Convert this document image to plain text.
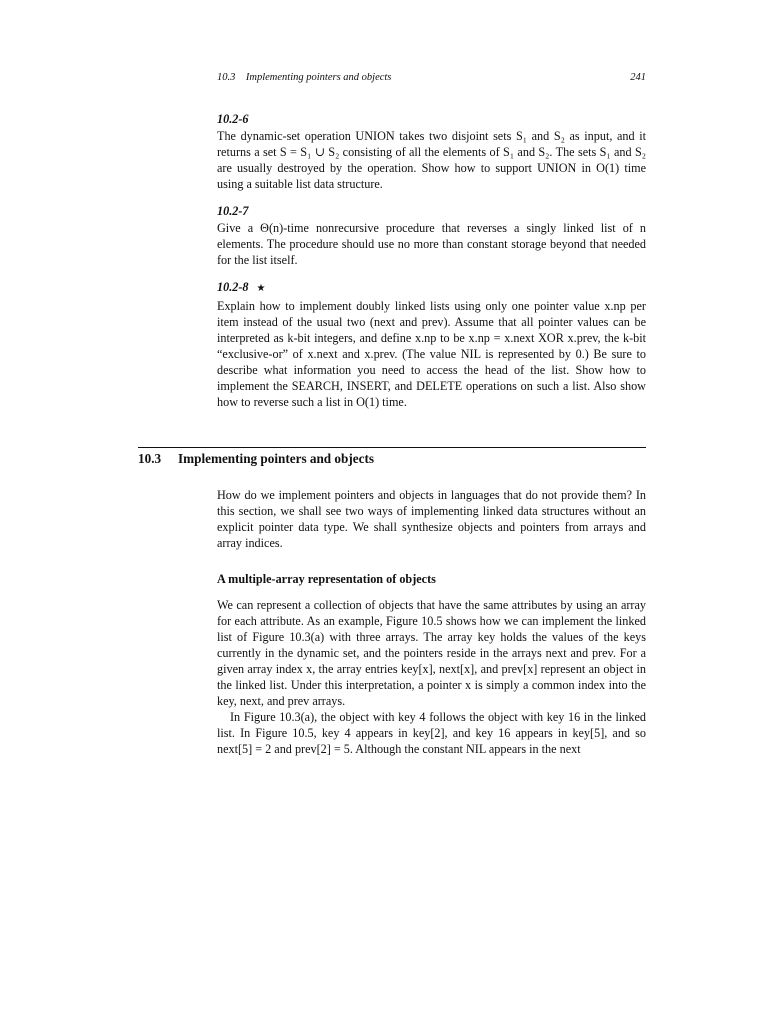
10.3    Implementing pointers and objects	241
10.2-6

The dynamic-set operation UNION takes two disjoint sets S₁ and S₂ as input, and it returns a set S = S₁ ∪ S₂ consisting of all the elements of S₁ and S₂. The sets S₁ and S₂ are usually destroyed by the operation. Show how to support UNION in O(1) time using a suitable list data structure.

10.2-7

Give a Θ(n)-time nonrecursive procedure that reverses a singly linked list of n elements. The procedure should use no more than constant storage beyond that needed for the list itself.

10.2-8 ★

Explain how to implement doubly linked lists using only one pointer value x.np per item instead of the usual two (next and prev). Assume that all pointer values can be interpreted as k-bit integers, and define x.np to be x.np = x.next XOR x.prev, the k-bit “exclusive-or” of x.next and x.prev. (The value NIL is represented by 0.) Be sure to describe what information you need to access the head of the list. Show how to implement the SEARCH, INSERT, and DELETE operations on such a list. Also show how to reverse such a list in O(1) time.

10.3 Implementing pointers and objects

How do we implement pointers and objects in languages that do not provide them? In this section, we shall see two ways of implementing linked data structures without an explicit pointer data type. We shall synthesize objects and pointers from arrays and array indices.

A multiple-array representation of objects

We can represent a collection of objects that have the same attributes by using an array for each attribute. As an example, Figure 10.5 shows how we can implement the linked list of Figure 10.3(a) with three arrays. The array key holds the values of the keys currently in the dynamic set, and the pointers reside in the arrays next and prev. For a given array index x, the array entries key[x], next[x], and prev[x] represent an object in the linked list. Under this interpretation, a pointer x is simply a common index into the key, next, and prev arrays.

In Figure 10.3(a), the object with key 4 follows the object with key 16 in the linked list. In Figure 10.5, key 4 appears in key[2], and key 16 appears in key[5], and so next[5] = 2 and prev[2] = 5. Although the constant NIL appears in the next
